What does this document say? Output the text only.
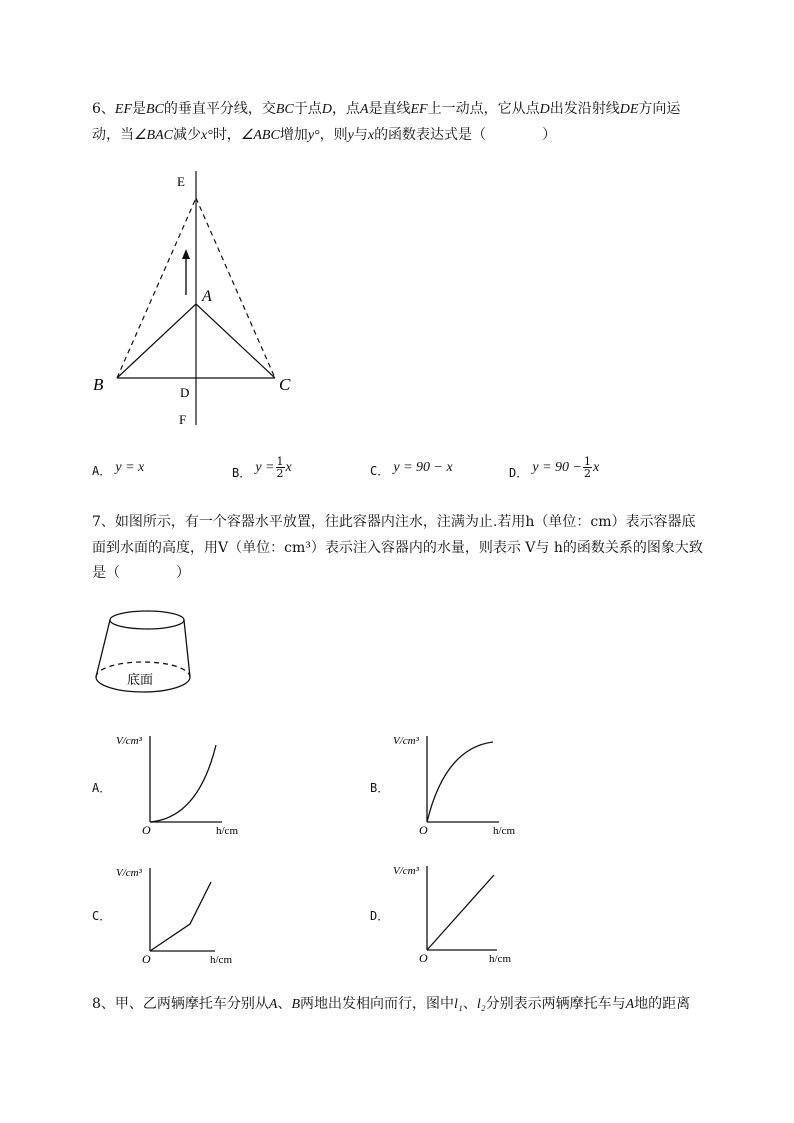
6、EF是BC的垂直平分线，交BC于点D，点A是直线EF上一动点，它从点D出发沿射线DE方向运
动，当∠BAC减少x°时，∠ABC增加y°，则y与x的函数表达式是（	）
E
A
B	C
D
F
A． y = x	B． $y = \frac{1}{2}$ x	C． y = 90 − x	D． $y = 90 - \frac{1}{2}$ x
7、如图所示，有一个容器水平放置，往此容器内注水，注满为止.若用h（单位：cm）表示容器底
面到水面的高度，用V（单位：cm³）表示注入容器内的水量，则表示 V与 h的函数关系的图象大致
是（	）
底面
A．
V/cm³
h/cm
O
B．
V/cm³
h/cm
O
C．
V/cm³
h/cm
O
D．
V/cm³
h/cm
O
8、甲、乙两辆摩托车分别从A、B两地出发相向而行，图中l₁、l₂分别表示两辆摩托车与A地的距离
